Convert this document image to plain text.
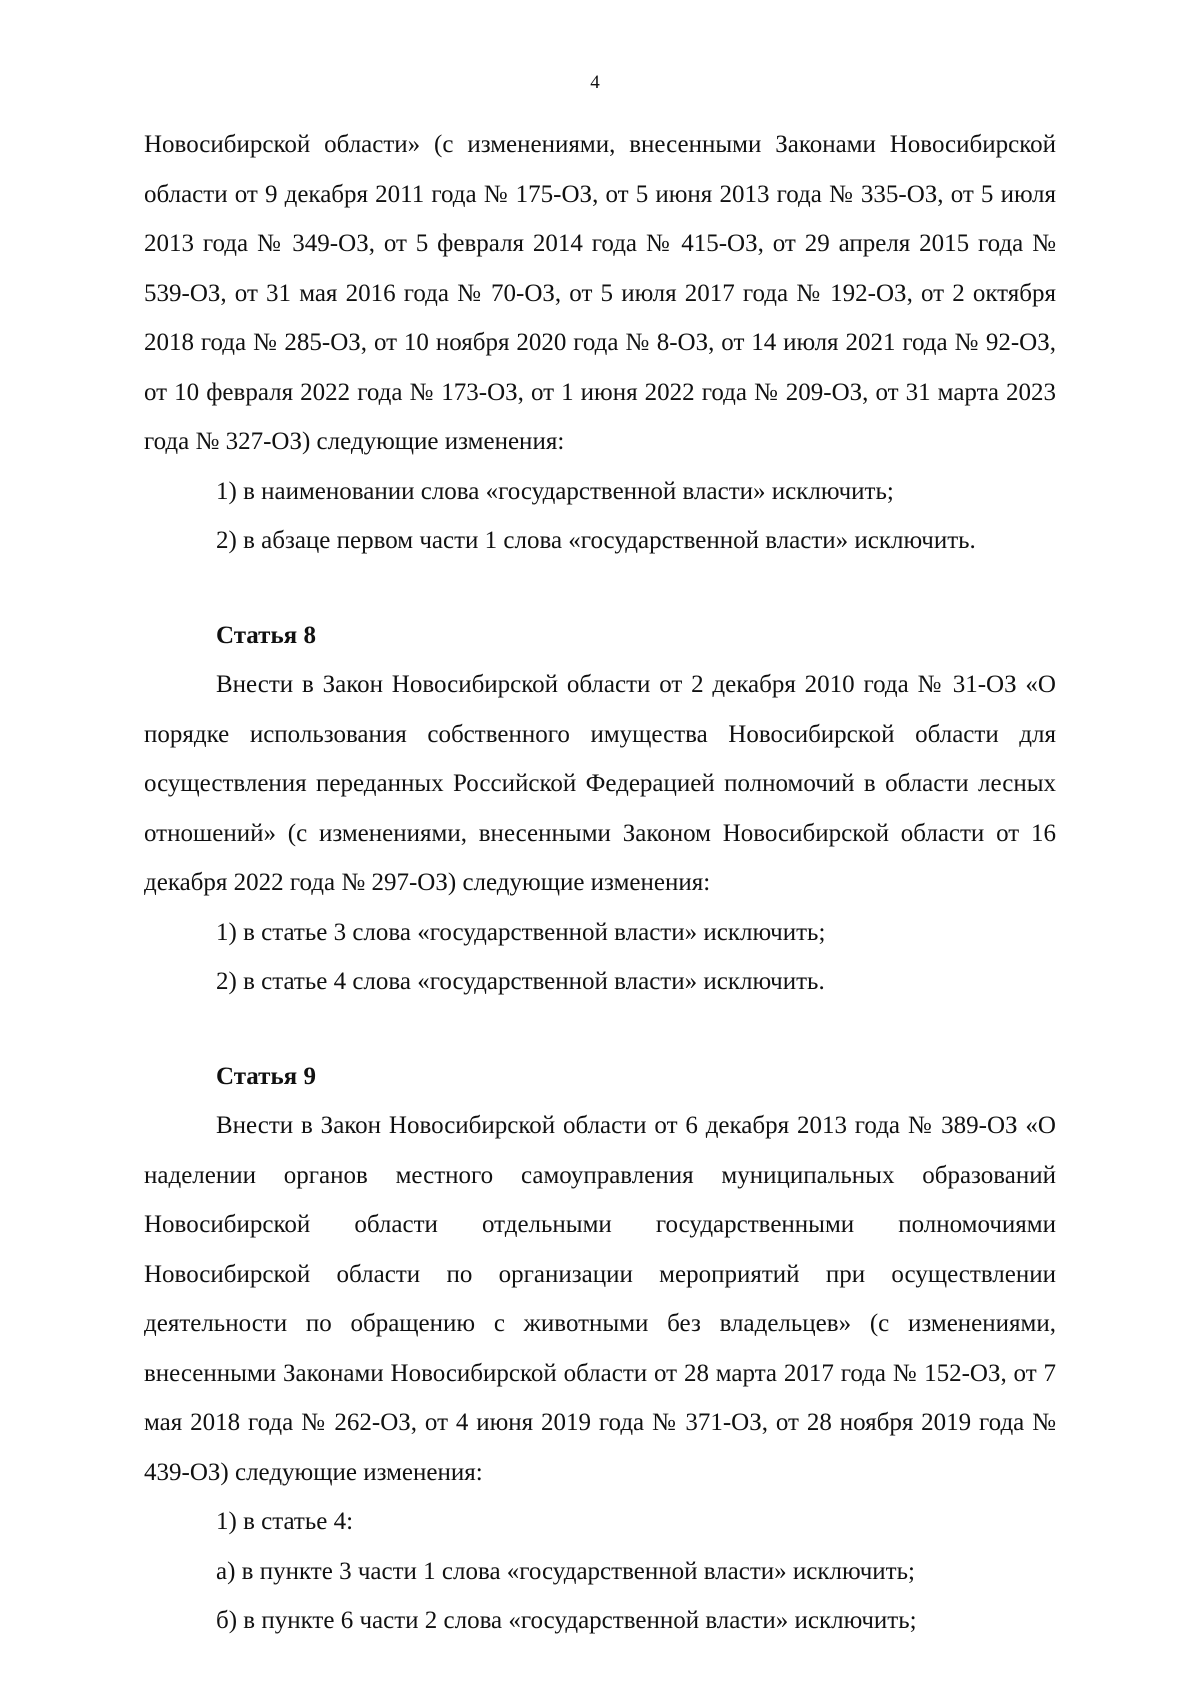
4

Новосибирской области» (с изменениями, внесенными Законами Новосибирской области от 9 декабря 2011 года № 175-ОЗ, от 5 июня 2013 года № 335-ОЗ, от 5 июля 2013 года № 349-ОЗ, от 5 февраля 2014 года № 415-ОЗ, от 29 апреля 2015 года № 539-ОЗ, от 31 мая 2016 года № 70-ОЗ, от 5 июля 2017 года № 192-ОЗ, от 2 октября 2018 года № 285-ОЗ, от 10 ноября 2020 года № 8-ОЗ, от 14 июля 2021 года № 92-ОЗ, от 10 февраля 2022 года № 173-ОЗ, от 1 июня 2022 года № 209-ОЗ, от 31 марта 2023 года № 327-ОЗ) следующие изменения:

1) в наименовании слова «государственной власти» исключить;

2) в абзаце первом части 1 слова «государственной власти» исключить.

Статья 8

Внести в Закон Новосибирской области от 2 декабря 2010 года № 31-ОЗ «О порядке использования собственного имущества Новосибирской области для осуществления переданных Российской Федерацией полномочий в области лесных отношений» (с изменениями, внесенными Законом Новосибирской области от 16 декабря 2022 года № 297-ОЗ) следующие изменения:

1) в статье 3 слова «государственной власти» исключить;

2) в статье 4 слова «государственной власти» исключить.

Статья 9

Внести в Закон Новосибирской области от 6 декабря 2013 года № 389-ОЗ «О наделении органов местного самоуправления муниципальных образований Новосибирской области отдельными государственными полномочиями Новосибирской области по организации мероприятий при осуществлении деятельности по обращению с животными без владельцев» (с изменениями, внесенными Законами Новосибирской области от 28 марта 2017 года № 152-ОЗ, от 7 мая 2018 года № 262-ОЗ, от 4 июня 2019 года № 371-ОЗ, от 28 ноября 2019 года № 439-ОЗ) следующие изменения:

1) в статье 4:

а) в пункте 3 части 1 слова «государственной власти» исключить;

б) в пункте 6 части 2 слова «государственной власти» исключить;
